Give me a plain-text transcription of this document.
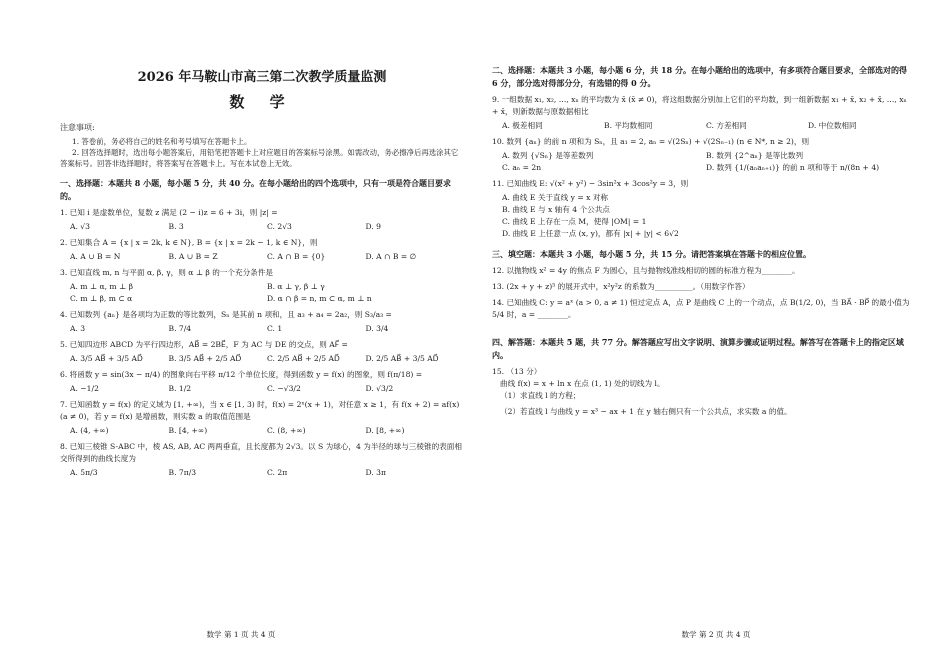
2026 年马鞍山市高三第二次教学质量监测

数 学

注意事项:

1. 答卷前，务必将自己的姓名和考号填写在答题卡上。

2. 回答选择题时，选出每小题答案后，用铅笔把答题卡上对应题目的答案标号涂黑。如需改动，务必擦净后再选涂其它答案标号。回答非选择题时，将答案写在答题卡上。写在本试卷上无效。

一、选择题：本题共 8 小题，每小题 5 分，共 40 分。在每小题给出的四个选项中，只有一项是符合题目要求的。

1. 已知 i 是虚数单位，复数 z 满足 (2 − i)z = 6 + 3i，则 |z| =

A. √3	B. 3	C. 2√3	D. 9

2. 已知集合 A = {x | x = 2k, k ∈ N}, B = {x | x = 2k − 1, k ∈ N}，则

A. A ∪ B = N	B. A ∪ B = Z	C. A ∩ B = {0}	D. A ∩ B = ∅

3. 已知直线 m, n 与平面 α, β, γ，则 α ⊥ β 的一个充分条件是

A. m ⊥ α, m ⊥ β	B. α ⊥ γ, β ⊥ γ
C. m ⊥ β, m ⊂ α	D. α ∩ β = n, m ⊂ α, m ⊥ n

4. 已知数列 {aₙ} 是各项均为正数的等比数列，Sₙ 是其前 n 项和，且 a₃ + a₄ = 2a₂，则 S₃/a₃ =

A. 3	B. 7/4	C. 1	D. 3/4

5. 已知四边形 ABCD 为平行四边形，AB⃗ = 2BE⃗，F 为 AC 与 DE 的交点，则 AF⃗ =

A. 3/5 AB⃗ + 3/5 AD⃗	B. 3/5 AB⃗ + 2/5 AD⃗	C. 2/5 AB⃗ + 2/5 AD⃗	D. 2/5 AB⃗ + 3/5 AD⃗

6. 将函数 y = sin(3x − π/4) 的图象向右平移 π/12 个单位长度，得到函数 y = f(x) 的图象，则 f(π/18) =

A. −1/2	B. 1/2	C. −√3/2	D. √3/2

7. 已知函数 y = f(x) 的定义域为 [1, +∞)，当 x ∈ [1, 3) 时，f(x) = 2ˣ(x + 1)，对任意 x ≥ 1，有 f(x + 2) = af(x) (a ≠ 0)，若 y = f(x) 是增函数，则实数 a 的取值范围是

A. (4, +∞)	B. [4, +∞)	C. (8, +∞)	D. [8, +∞)

8. 已知三棱锥 S-ABC 中，棱 AS, AB, AC 两两垂直，且长度都为 2√3。以 S 为球心，4 为半径的球与三棱锥的表面相交所得到的曲线长度为

A. 5π/3	B. 7π/3	C. 2π	D. 3π
数学 第 1 页 共 4 页

二、选择题：本题共 3 小题，每小题 6 分，共 18 分。在每小题给出的选项中，有多项符合题目要求，全部选对的得 6 分，部分选对得部分分，有选错的得 0 分。

9. 一组数据 x₁, x₂, …, xₙ 的平均数为 x̄ (x̄ ≠ 0)，将这组数据分别加上它们的平均数，到一组新数据 x₁ + x̄, x₂ + x̄, …, xₙ + x̄，则新数据与原数据相比

A. 极差相同	B. 平均数相同	C. 方差相同	D. 中位数相同

10. 数列 {aₙ} 的前 n 项和为 Sₙ，且 a₁ = 2, aₙ = √(2Sₙ) + √(2Sₙ₋₁) (n ∈ N*, n ≥ 2)，则

A. 数列 {√Sₙ} 是等差数列	B. 数列 {2^aₙ} 是等比数列
C. aₙ = 2n	D. 数列 {1/(aₙaₙ₊₁)} 的前 n 项和等于 n/(8n + 4)

11. 已知曲线 E: √(x² + y²) − 3sin²x + 3cos²y = 3，则

A. 曲线 E 关于直线 y = x 对称
B. 曲线 E 与 x 轴有 4 个公共点
C. 曲线 E 上存在一点 M，使得 |OM| = 1
D. 曲线 E 上任意一点 (x, y)，都有 |x| + |y| < 6√2

三、填空题：本题共 3 小题，每小题 5 分，共 15 分。请把答案填在答题卡的相应位置。

12. 以抛物线 x² = 4y 的焦点 F 为圆心，且与抛物线准线相切的圆的标准方程为________。

13. (2x + y + z)⁵ 的展开式中，x²y²z 的系数为__________。（用数字作答）

14. 已知曲线 C: y = aˣ (a > 0, a ≠ 1) 恒过定点 A，点 P 是曲线 C 上的一个动点，点 B(1/2, 0)，当 BA⃗ · BP⃗ 的最小值为 5/4 时，a = ________。

四、解答题：本题共 5 题，共 77 分。解答题应写出文字说明、演算步骤或证明过程。解答写在答题卡上的指定区域内。

15. （13 分）

曲线 f(x) = x + ln x 在点 (1, 1) 处的切线为 l。

（1）求直线 l 的方程；

（2）若直线 l 与曲线 y = x³ − ax + 1 在 y 轴右侧只有一个公共点，求实数 a 的值。

数学 第 2 页 共 4 页
